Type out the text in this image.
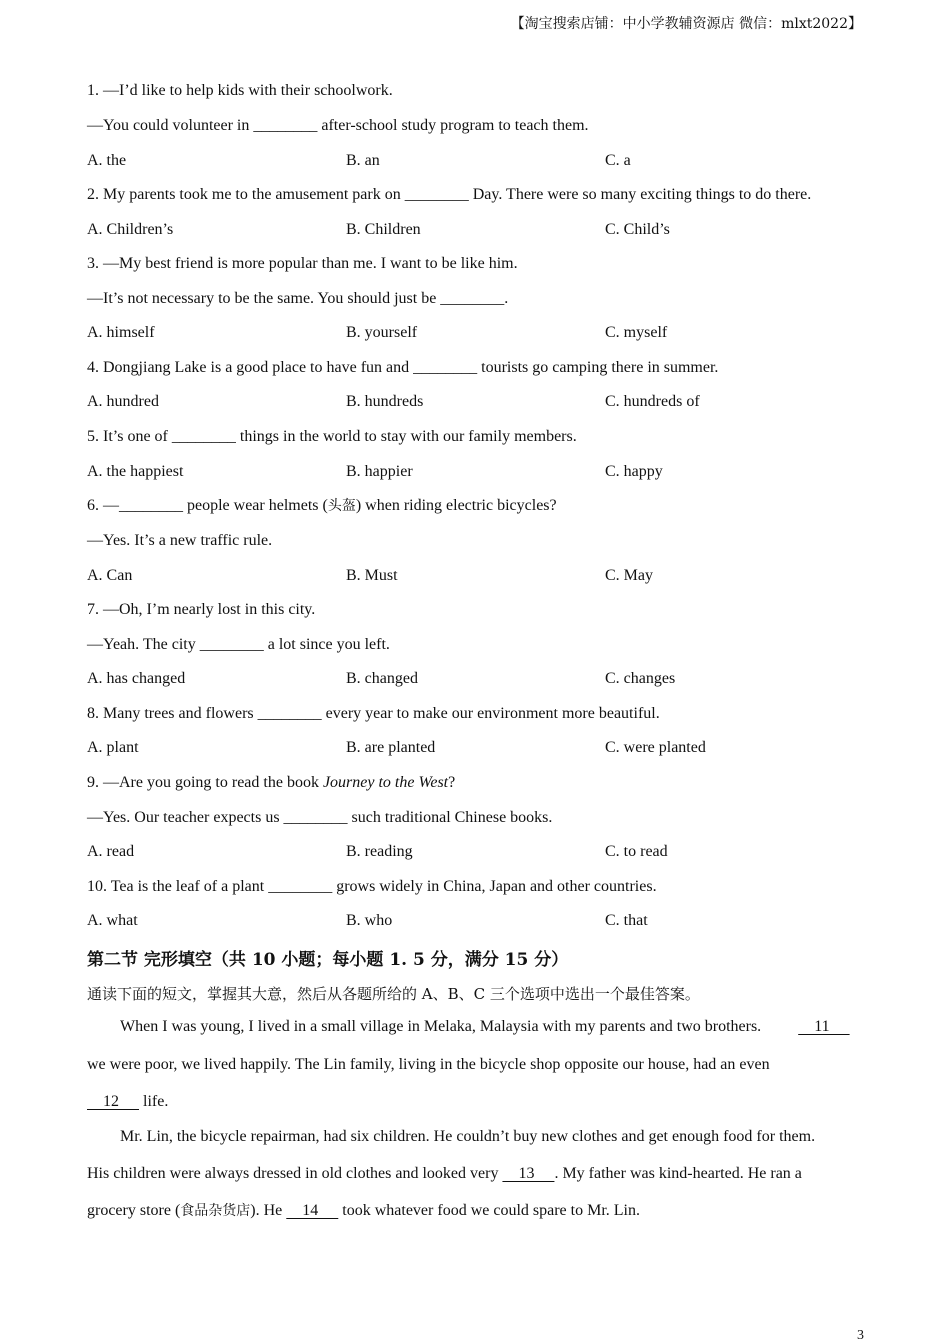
【淘宝搜索店铺：中小学教辅资源店 微信：mlxt2022】
1. —I’d like to help kids with their schoolwork.
—You could volunteer in ________ after-school study program to teach them.
A. the	B. an	C. a
2. My parents took me to the amusement park on ________ Day. There were so many exciting things to do there.
A. Children’s	B. Children	C. Child’s
3. —My best friend is more popular than me. I want to be like him.
—It’s not necessary to be the same. You should just be ________.
A. himself	B. yourself	C. myself
4. Dongjiang Lake is a good place to have fun and ________ tourists go camping there in summer.
A. hundred	B. hundreds	C. hundreds of
5. It’s one of ________ things in the world to stay with our family members.
A. the happiest	B. happier	C. happy
6. —________ people wear helmets (头盔) when riding electric bicycles?
—Yes. It’s a new traffic rule.
A. Can	B. Must	C. May
7. —Oh, I’m nearly lost in this city.
—Yeah. The city ________ a lot since you left.
A. has changed	B. changed	C. changes
8. Many trees and flowers ________ every year to make our environment more beautiful.
A. plant	B. are planted	C. were planted
9. —Are you going to read the book Journey to the West?
—Yes. Our teacher expects us ________ such traditional Chinese books.
A. read	B. reading	C. to read
10. Tea is the leaf of a plant ________ grows widely in China, Japan and other countries.
A. what	B. who	C. that
第二节 完形填空（共 10 小题；每小题 1. 5 分，满分 15 分）
通读下面的短文，掌握其大意，然后从各题所给的 A、B、C 三个选项中选出一个最佳答案。
When I was young, I lived in a small village in Melaka, Malaysia with my parents and two brothers.     11
we were poor, we lived happily. The Lin family, living in the bicycle shop opposite our house, had an even
12      life.
Mr. Lin, the bicycle repairman, had six children. He couldn’t buy new clothes and get enough food for them.
His children were always dressed in old clothes and looked very     13     . My father was kind-hearted. He ran a
grocery store (食品杂货店). He     14      took whatever food we could spare to Mr. Lin.
3
